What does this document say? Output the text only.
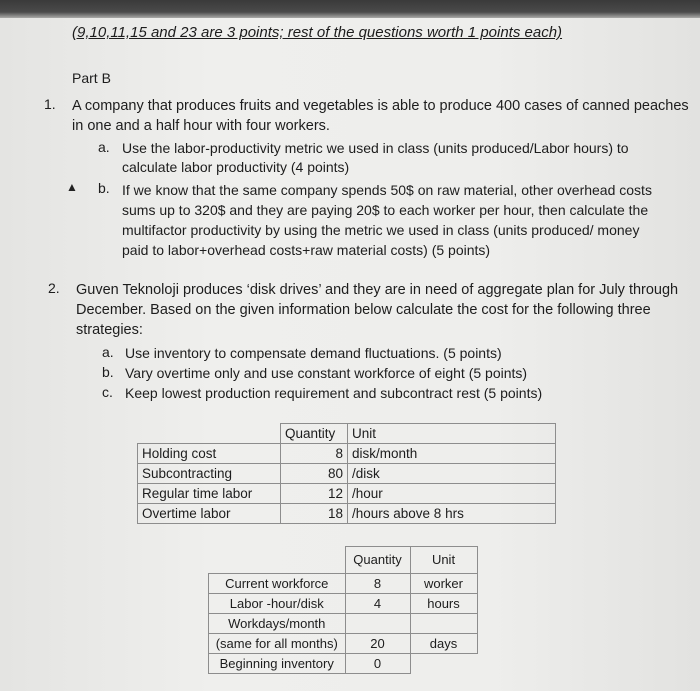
(9,10,11,15 and 23 are 3 points; rest of the questions worth 1 points each)
Part B
1. A company that produces fruits and vegetables is able to produce 400 cases of canned peaches
in one and a half hour with four workers.
a. Use the labor-productivity metric we used in class (units produced/Labor hours) to
calculate labor productivity (4 points)
▲ b. If we know that the same company spends 50$ on raw material, other overhead costs
sums up to 320$ and they are paying 20$ to each worker per hour, then calculate the
multifactor productivity by using the metric we used in class (units produced/ money
paid to labor+overhead costs+raw material costs) (5 points)
2. Guven Teknoloji produces ‘disk drives’ and they are in need of aggregate plan for July through
December. Based on the given information below calculate the cost for the following three
strategies:
a. Use inventory to compensate demand fluctuations. (5 points)
b. Vary overtime only and use constant workforce of eight (5 points)
c. Keep lowest production requirement and subcontract rest (5 points)
	Quantity	Unit
Holding cost	8	disk/month
Subcontracting	80	/disk
Regular time labor	12	/hour
Overtime labor	18	/hours above 8 hrs
	Quantity	Unit
Current workforce	8	worker
Labor -hour/disk	4	hours
Workdays/month		
(same for all months)	20	days
Beginning inventory	0	
